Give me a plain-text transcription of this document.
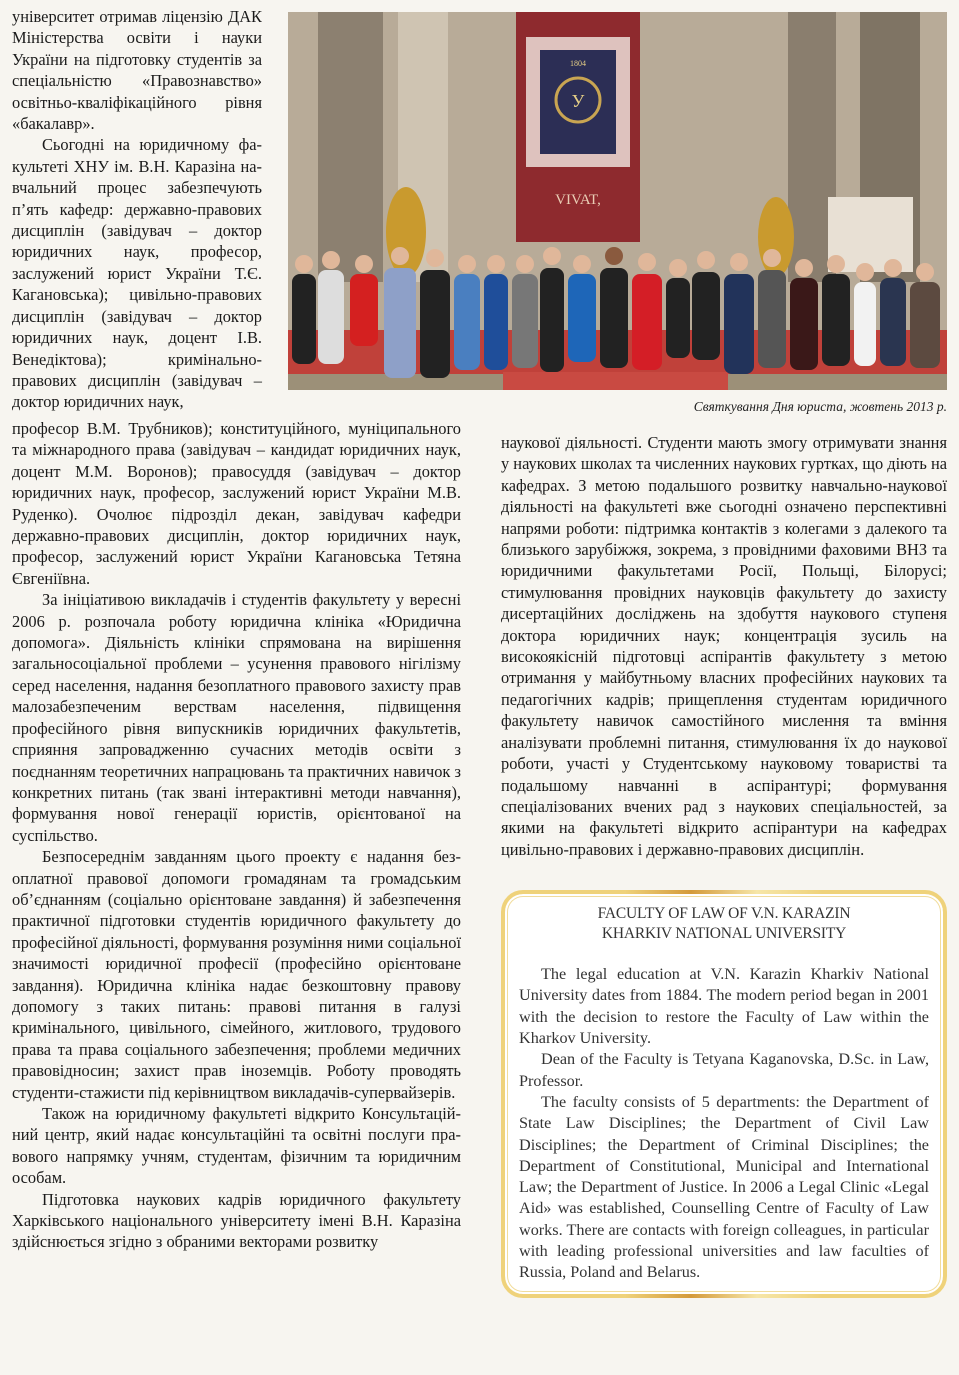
університет отримав ліцензію ДАК Міністерства освіти і науки України на підготовку студентів за спеціальністю «Правознавство» освітньо-кваліфікаційного рівня «бакалавр».

Сьогодні на юридичному факультеті ХНУ ім. В.Н. Каразіна навчальний процес забезпечують п’ять кафедр: державно-правових дисциплін (завідувач – доктор юридичних наук, професор, заслужений юрист України Т.Є. Кагановська); цивільно-правових дисциплін (завідувач – доктор юридичних наук, доцент І.В. Венедіктова); кримінально-правових дисциплін (завідувач – доктор юридичних наук,

1804
У
VIVAT,
Святкування Дня юриста, жовтень 2013 р.

професор В.М. Трубников); конституційного, муніципального та міжнародного права (завідувач – кандидат юридичних наук, доцент М.М. Воронов); правосуддя (завідувач – доктор юридичних наук, професор, заслужений юрист України М.В. Руденко). Очолює підрозділ декан, завідувач кафедри державно-правових дисциплін, доктор юридичних наук, професор, заслужений юрист України Кагановська Тетяна Євгеніївна.

За ініціативою викладачів і студентів факультету у вересні 2006 р. розпочала роботу юридична клініка «Юридична допомога». Діяльність клініки спрямована на вирішення загальносоціальної проблеми – усунення правового нігілізму серед населення, надання безоплатного правового захисту прав малозабезпеченим верствам населення, підвищення професійного рівня випускників юридичних факультетів, сприяння запровадженню сучасних методів освіти з поєднанням теоретичних напрацювань та практичних навичок з конкретних питань (так звані інтерактивні методи навчання), формування нової генерації юристів, орієнтованої на суспільство.

Безпосереднім завданням цього проекту є надання безоплатної правової допомоги громадянам та громадським об’єднанням (соціально орієнтоване завдання) й забезпечення практичної підготовки студентів юридичного факультету до професійної діяльності, формування розуміння ними соціальної значимості юридичної професії (професійно орієнтоване завдання). Юридична клініка надає безкоштовну правову допомогу з таких питань: правові питання в галузі кримінального, цивільного, сімейного, житлового, трудового права та права соціального забезпечення; проблеми медичних правовідносин; захист прав іноземців. Роботу проводять студенти-стажисти під керівництвом викладачів-супервайзерів.

Також на юридичному факультеті відкрито Консультаційний центр, який надає консультаційні та освітні послуги правового напрямку учням, студентам, фізичним та юридичним особам.

Підготовка наукових кадрів юридичного факультету Харківського національного університету імені В.Н. Каразіна здійснюється згідно з обраними векторами розвитку

наукової діяльності. Студенти мають змогу отримувати знання у наукових школах та численних наукових гуртках, що діють на кафедрах. З метою подальшого розвитку навчально-наукової діяльності на факультеті вже сьогодні означено перспективні напрями роботи: підтримка контактів з колегами з далекого та близького зарубіжжя, зокрема, з провідними фаховими ВНЗ та юридичними факультетами Росії, Польщі, Білорусі; стимулювання провідних науковців факультету до захисту дисертаційних досліджень на здобуття наукового ступеня доктора юридичних наук; концентрація зусиль на високоякісній підготовці аспірантів факультету з метою отримання у майбутньому власних професійних наукових та педагогічних кадрів; прищеплення студентам юридичного факультету навичок самостійного мислення та вміння аналізувати проблемні питання, стимулювання їх до наукової роботи, участі у Студентському науковому товаристві та подальшому навчанні в аспірантурі; формування спеціалізованих вчених рад з наукових спеціальностей, за якими на факультеті відкрито аспірантури на кафедрах цивільно-правових і державно-правових дисциплін.

FACULTY OF LAW OF V.N. KARAZIN
KHARKIV NATIONAL UNIVERSITY

The legal education at V.N. Karazin Kharkiv National University dates from 1884. The modern period began in 2001 with the decision to restore the Faculty of Law within the Kharkov University.

Dean of the Faculty is Tetyana Kaganovska, D.Sc. in Law, Professor.

The faculty consists of 5 departments: the Department of State Law Disciplines; the Department of Civil Law Disciplines; the Department of Criminal Disciplines; the Department of Constitutional, Municipal and International Law; the Department of Justice. In 2006 a Legal Clinic «Legal Aid» was established, Counselling Centre of Faculty of Law works. There are contacts with foreign colleagues, in particular with leading professional universities and law faculties of Russia, Poland and Belarus.
